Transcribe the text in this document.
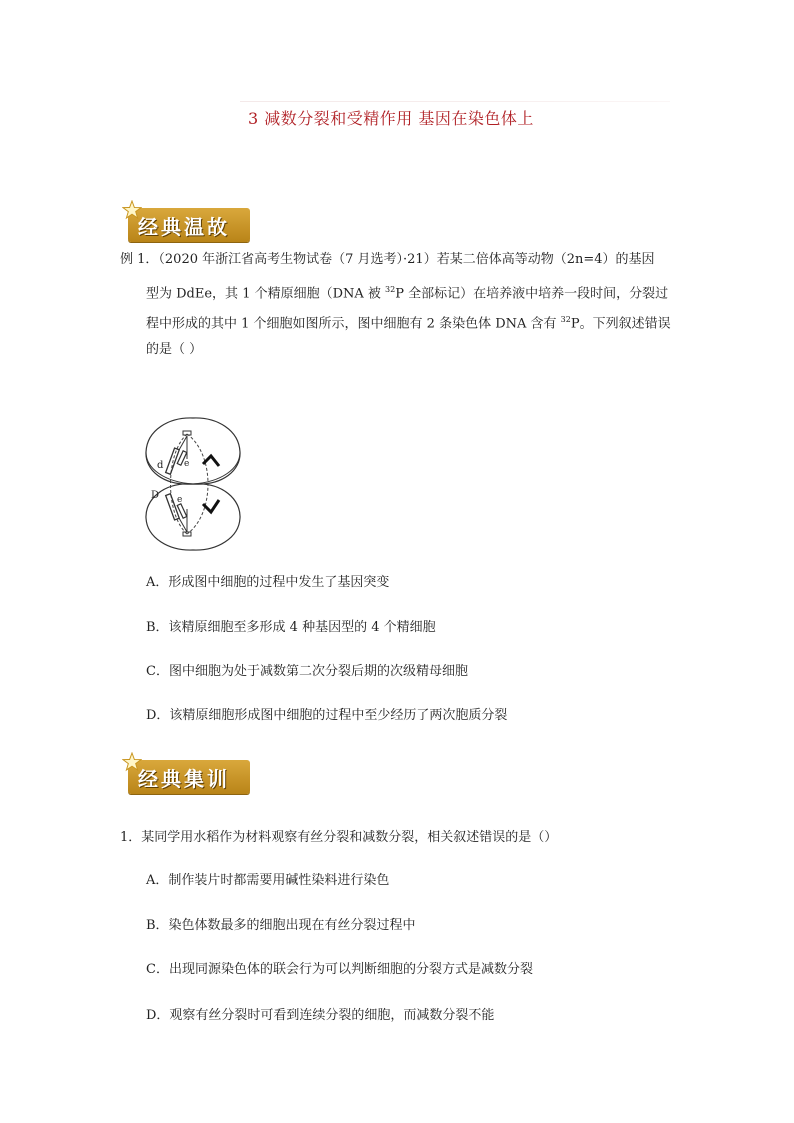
3 减数分裂和受精作用 基因在染色体上
经典温故
例 1．（2020 年浙江省高考生物试卷（7 月选考）·21）若某二倍体高等动物（2n=4）的基因
型为 DdEe，其 1 个精原细胞（DNA 被 $^{32}$P 全部标记）在培养液中培养一段时间，分裂过
程中形成的其中 1 个细胞如图所示，图中细胞有 2 条染色体 DNA 含有 $^{32}$P。下列叙述错误
的是（ ）
d e
D e
A．形成图中细胞的过程中发生了基因突变
B．该精原细胞至多形成 4 种基因型的 4 个精细胞
C．图中细胞为处于减数第二次分裂后期的次级精母细胞
D．该精原细胞形成图中细胞的过程中至少经历了两次胞质分裂
经典集训
1．某同学用水稻作为材料观察有丝分裂和减数分裂，相关叙述错误的是（）
A．制作装片时都需要用碱性染料进行染色
B．染色体数最多的细胞出现在有丝分裂过程中
C．出现同源染色体的联会行为可以判断细胞的分裂方式是减数分裂
D．观察有丝分裂时可看到连续分裂的细胞，而减数分裂不能
